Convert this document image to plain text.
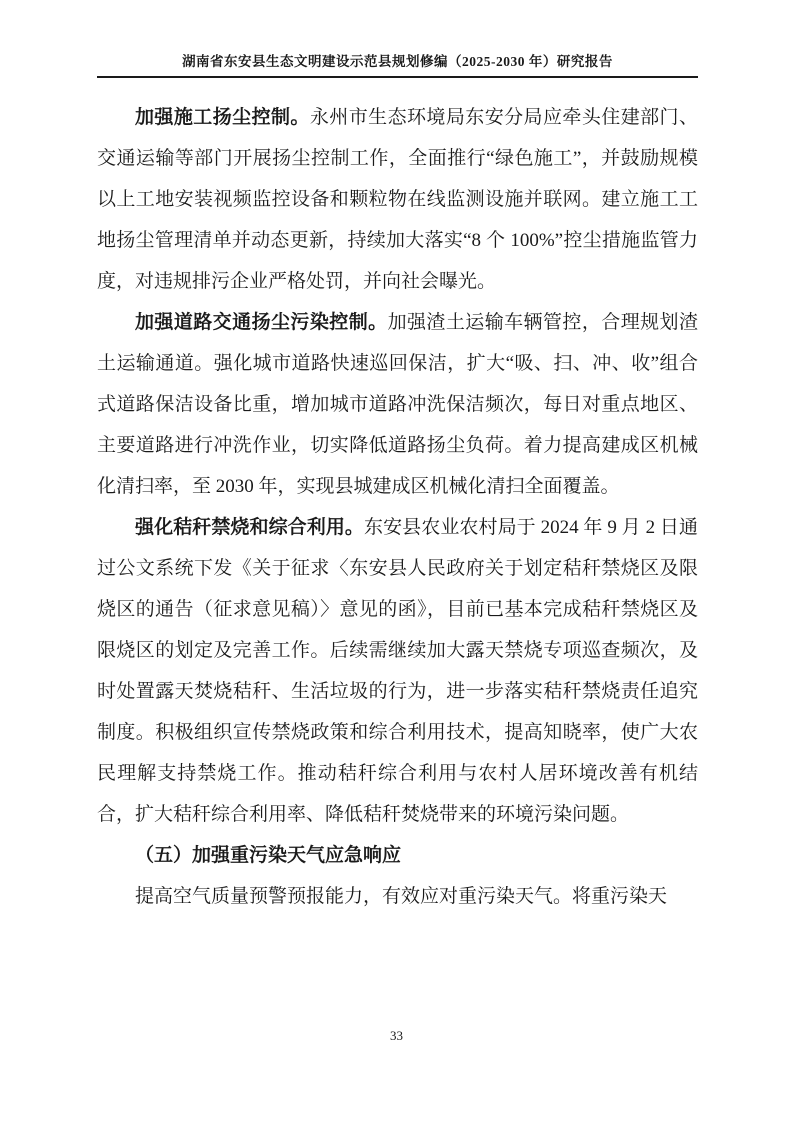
湖南省东安县生态文明建设示范县规划修编（2025-2030 年）研究报告

加强施工扬尘控制。永州市生态环境局东安分局应牵头住建部门、交通运输等部门开展扬尘控制工作，全面推行“绿色施工”，并鼓励规模以上工地安装视频监控设备和颗粒物在线监测设施并联网。建立施工工地扬尘管理清单并动态更新，持续加大落实“8 个 100%”控尘措施监管力度，对违规排污企业严格处罚，并向社会曝光。

加强道路交通扬尘污染控制。加强渣土运输车辆管控，合理规划渣土运输通道。强化城市道路快速巡回保洁，扩大“吸、扫、冲、收”组合式道路保洁设备比重，增加城市道路冲洗保洁频次，每日对重点地区、主要道路进行冲洗作业，切实降低道路扬尘负荷。着力提高建成区机械化清扫率，至 2030 年，实现县城建成区机械化清扫全面覆盖。

强化秸秆禁烧和综合利用。东安县农业农村局于 2024 年 9 月 2 日通过公文系统下发《关于征求〈东安县人民政府关于划定秸秆禁烧区及限烧区的通告（征求意见稿）〉意见的函》，目前已基本完成秸秆禁烧区及限烧区的划定及完善工作。后续需继续加大露天禁烧专项巡查频次，及时处置露天焚烧秸秆、生活垃圾的行为，进一步落实秸秆禁烧责任追究制度。积极组织宣传禁烧政策和综合利用技术，提高知晓率，使广大农民理解支持禁烧工作。推动秸秆综合利用与农村人居环境改善有机结合，扩大秸秆综合利用率、降低秸秆焚烧带来的环境污染问题。

（五）加强重污染天气应急响应

提高空气质量预警预报能力，有效应对重污染天气。将重污染天

33
